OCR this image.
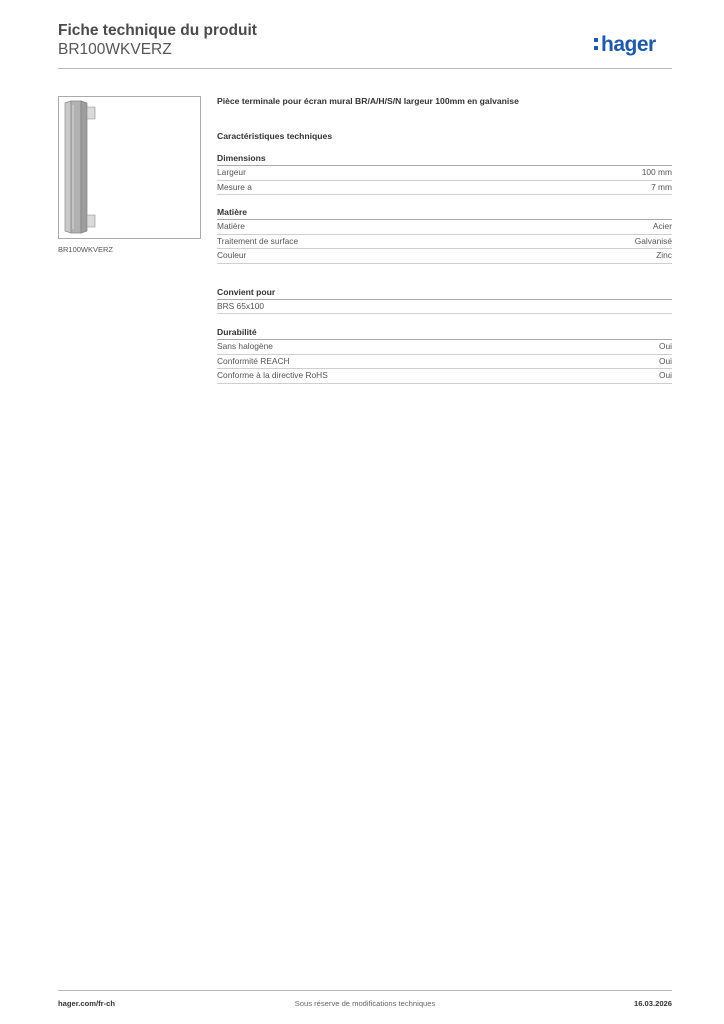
Fiche technique du produit
BR100WKVERZ	hager
BR100WKVERZ
Pièce terminale pour écran mural BR/A/H/S/N largeur 100mm en galvanise
Caractéristiques techniques
Dimensions
Largeur	100 mm
Mesure a	7 mm
Matière
Matière	Acier
Traitement de surface	Galvanisé
Couleur	Zinc
Convient pour
BRS 65x100
Durabilité
Sans halogène	Oui
Conformité REACH	Oui
Conforme à la directive RoHS	Oui
hager.com/fr-ch	Sous réserve de modifications techniques	16.03.2026
